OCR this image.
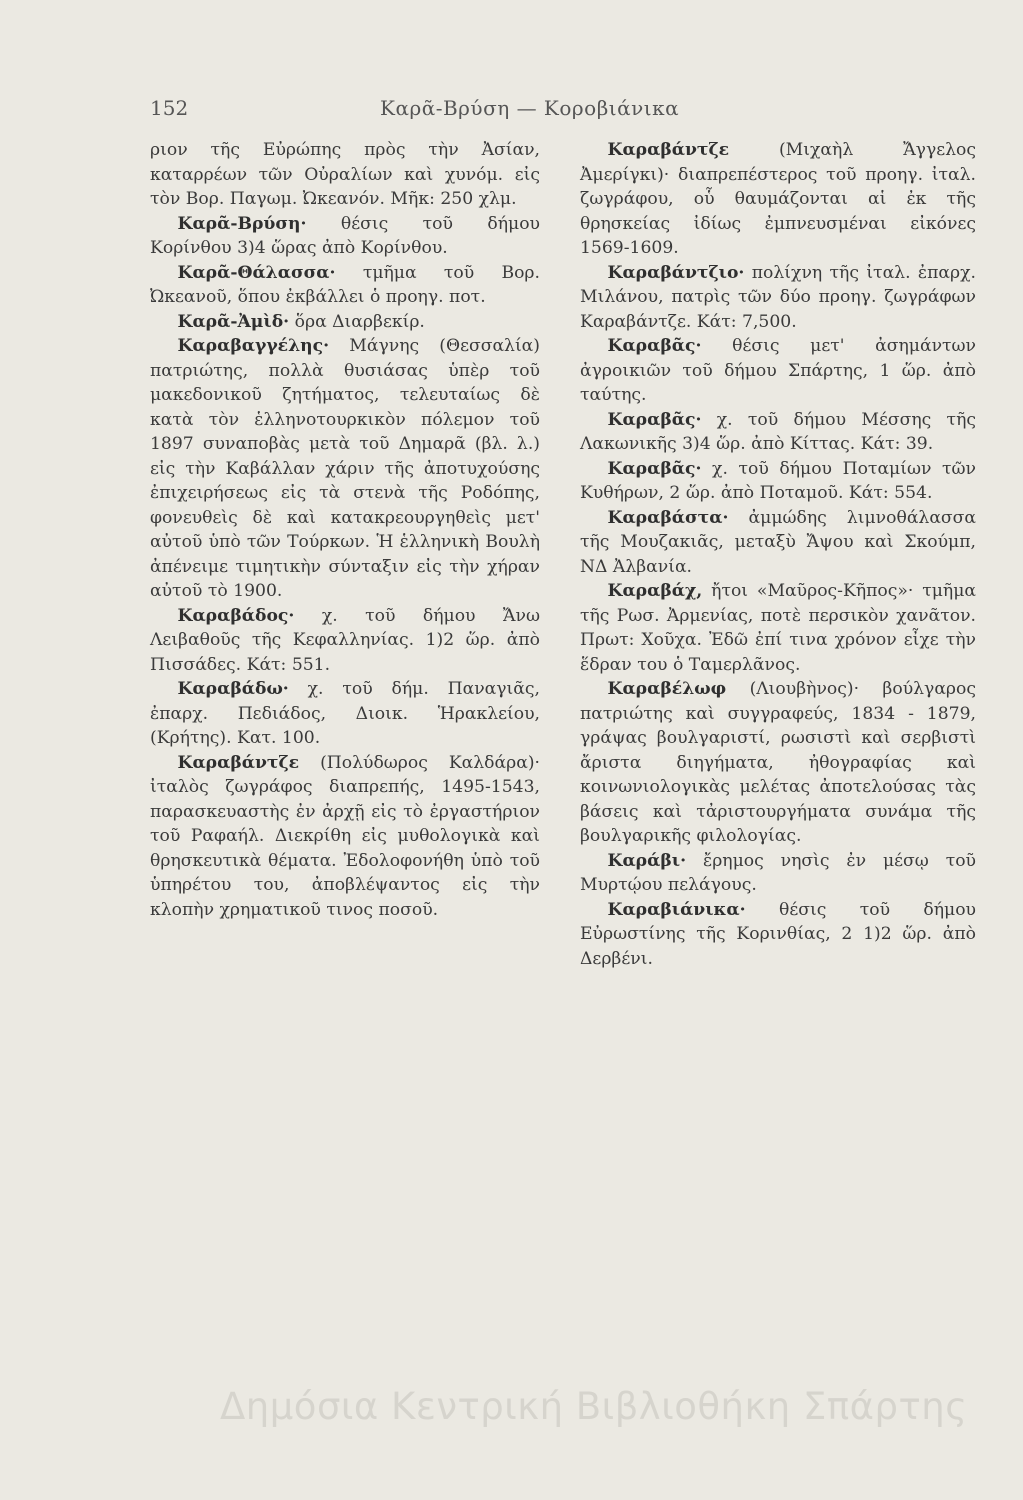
152	Καρᾶ-Βρύση — Κοροβιάνικα

ριον τῆς Εὐρώπης πρὸς τὴν Ἀσίαν, καταρρέων τῶν Οὐραλίων καὶ χυνόμ. εἰς τὸν Βορ. Παγωμ. Ὠκεανόν. Μῆκ: 250 χλμ.

Καρᾶ-Βρύση· θέσις τοῦ δήμου Κορίνθου 3)4 ὥρας ἀπὸ Κορίνθου.

Καρᾶ-Θάλασσα· τμῆμα τοῦ Βορ. Ὠκεανοῦ, ὅπου ἐκβάλλει ὁ προηγ. ποτ.

Καρᾶ-Ἀμὶδ· ὅρα Διαρβεκίρ.

Καραβαγγέλης· Μάγνης (Θεσσαλία) πατριώτης, πολλὰ θυσιάσας ὑπὲρ τοῦ μακεδονικοῦ ζητήματος, τελευταίως δὲ κατὰ τὸν ἑλληνοτουρκικὸν πόλεμον τοῦ 1897 συναποβὰς μετὰ τοῦ Δημαρᾶ (βλ. λ.) εἰς τὴν Καβάλλαν χάριν τῆς ἀποτυχούσης ἐπιχειρήσεως εἰς τὰ στενὰ τῆς Ροδόπης, φονευθεὶς δὲ καὶ κατακρεουργηθεὶς μετ' αὐτοῦ ὑπὸ τῶν Τούρκων. Ἡ ἑλληνικὴ Βουλὴ ἀπένειμε τιμητικὴν σύνταξιν εἰς τὴν χήραν αὐτοῦ τὸ 1900.

Καραβάδος· χ. τοῦ δήμου Ἄνω Λειβαθοῦς τῆς Κεφαλληνίας. 1)2 ὥρ. ἀπὸ Πισσάδες. Κάτ: 551.

Καραβάδω· χ. τοῦ δήμ. Παναγιᾶς, ἐπαρχ. Πεδιάδος, Διοικ. Ἡρακλείου, (Κρήτης). Κατ. 100.

Καραβάντζε (Πολύδωρος Καλδάρα)· ἰταλὸς ζωγράφος διαπρεπής, 1495-1543, παρασκευαστὴς ἐν ἀρχῇ εἰς τὸ ἐργαστήριον τοῦ Ραφαήλ. Διεκρίθη εἰς μυθολογικὰ καὶ θρησκευτικὰ θέματα. Ἐδολοφονήθη ὑπὸ τοῦ ὑπηρέτου του, ἀποβλέψαντος εἰς τὴν κλοπὴν χρηματικοῦ τινος ποσοῦ.

Καραβάντζε	(Μιχαὴλ Ἄγγελος Ἀμερίγκι)· διαπρεπέστερος τοῦ προηγ. ἰταλ. ζωγράφου, οὗ θαυμάζονται αἱ ἐκ τῆς θρησκείας ἰδίως ἐμπνευσμέναι εἰκόνες 1569-1609.

Καραβάντζιο· πολίχνη τῆς ἰταλ. ἐπαρχ. Μιλάνου, πατρὶς τῶν δύο προηγ. ζωγράφων Καραβάντζε. Κάτ: 7,500.

Καραβᾶς· θέσις μετ' ἀσημάντων ἀγροικιῶν τοῦ δήμου Σπάρτης, 1 ὥρ. ἀπὸ ταύτης.

Καραβᾶς· χ. τοῦ δήμου Μέσσης τῆς Λακωνικῆς 3)4 ὥρ. ἀπὸ Κίττας. Κάτ: 39.

Καραβᾶς· χ. τοῦ δήμου Ποταμίων τῶν Κυθήρων, 2 ὥρ. ἀπὸ Ποταμοῦ. Κάτ: 554.

Καραβάστα· ἀμμώδης λιμνοθάλασσα τῆς Μουζακιᾶς, μεταξὺ Ἄψου καὶ Σκούμπ, ΝΔ Ἀλβανία.

Καραβάχ, ἤτοι «Μαῦρος-Κῆπος»· τμῆμα τῆς Ρωσ. Ἀρμενίας, ποτὲ περσικὸν χανᾶτον. Πρωτ: Χοῦχα. Ἐδῶ ἐπί τινα χρόνον εἶχε τὴν ἕδραν του ὁ Ταμερλᾶνος.

Καραβέλωφ (Λιουβὴνος)· βούλγαρος πατριώτης καὶ συγγραφεύς, 1834 - 1879, γράψας βουλγαριστί, ρωσιστὶ καὶ σερβιστὶ ἄριστα διηγήματα, ἠθογραφίας καὶ κοινωνιολογικὰς μελέτας ἀποτελούσας τὰς βάσεις καὶ τἀριστουργήματα συνάμα τῆς βουλγαρικῆς φιλολογίας.

Καράβι· ἔρημος νησὶς ἐν μέσῳ τοῦ Μυρτῴου πελάγους.

Καραβιάνικα· θέσις τοῦ δήμου Εὐρωστίνης τῆς Κορινθίας, 2 1)2 ὥρ. ἀπὸ Δερβένι.

Δημόσια Κεντρική Βιβλιοθήκη Σπάρτης
